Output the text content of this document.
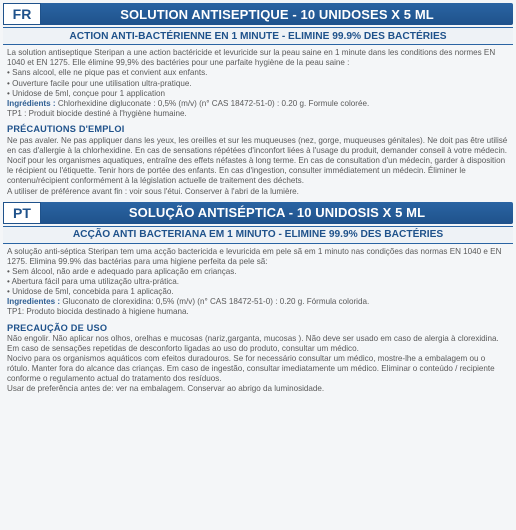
FR	SOLUTION ANTISEPTIQUE - 10 UNIDOSES X 5 ML
ACTION ANTI-BACTÉRIENNE EN 1 MINUTE - ELIMINE 99.9% DES BACTÉRIES

La solution antiseptique Steripan a une action bactéricide et levuricide sur la peau saine en 1 minute dans les conditions des normes EN 1040 et EN 1275. Elle élimine 99,9% des bactéries pour une parfaite hygiène de la peau saine :

• Sans alcool, elle ne pique pas et convient aux enfants.

• Ouverture facile pour une utilisation ultra-pratique.

• Unidose de 5ml, conçue pour 1 application

Ingrédients : Chlorhexidine digluconate : 0,5% (m/v) (n° CAS 18472-51-0) : 0.20 g. Formule colorée.

TP1 : Produit biocide destiné à l'hygiène humaine.

PRÉCAUTIONS D'EMPLOI

Ne pas avaler. Ne pas appliquer dans les yeux, les oreilles et sur les muqueuses (nez, gorge, muqueuses génitales). Ne doit pas être utilisé en cas d'allergie à la chlorhexidine. En cas de sensations répétées d'inconfort liées à l'usage du produit, demander conseil à votre médecin.

Nocif pour les organismes aquatiques, entraîne des effets néfastes à long terme. En cas de consultation d'un médecin, garder à disposition le récipient ou l'étiquette. Tenir hors de portée des enfants. En cas d'ingestion, consulter immédiatement un médecin. Éliminer le contenu/récipient conformément à la législation actuelle de traitement des déchets.

A utiliser de préférence avant fin : voir sous l'étui. Conserver à l'abri de la lumière.

PT	SOLUÇÃO ANTISÉPTICA - 10 UNIDOSIS X 5 ML
ACÇÃO ANTI BACTERIANA EM 1 MINUTO - ELIMINE 99.9% DES BACTÉRIES

A solução anti-séptica Steripan tem uma acção bactericida e levuricida em pele sã em 1 minuto nas condições das normas EN 1040 e EN 1275. Elimina 99.9% das bactérias para uma higiene perfeita da pele sã:

• Sem álcool, não arde e adequado para aplicação em crianças.

• Abertura fácil para uma utilização ultra-prática.

• Unidose de 5ml, concebida para 1 aplicação.

Ingredientes : Gluconato de clorexidina: 0,5% (m/v) (n° CAS 18472-51-0) : 0.20 g. Fórmula colorida.

TP1: Produto biocida destinado à higiene humana.

PRECAUÇÃO DE USO

Não engolir. Não aplicar nos olhos, orelhas e mucosas (nariz,garganta, mucosas ). Não deve ser usado em caso de alergia à clorexidina. Em caso de sensações repetidas de desconforto ligadas ao uso do produto, consultar um médico.

Nocivo para os organismos aquáticos com efeitos duradouros. Se for necessário consultar um médico, mostre-lhe a embalagem ou o rótulo. Manter fora do alcance das crianças. Em caso de ingestão, consultar imediatamente um médico. Eliminar o conteúdo / recipiente conforme o regulamento actual do tratamento dos resíduos.

Usar de preferência antes de: ver na embalagem. Conservar ao abrigo da luminosidade.
